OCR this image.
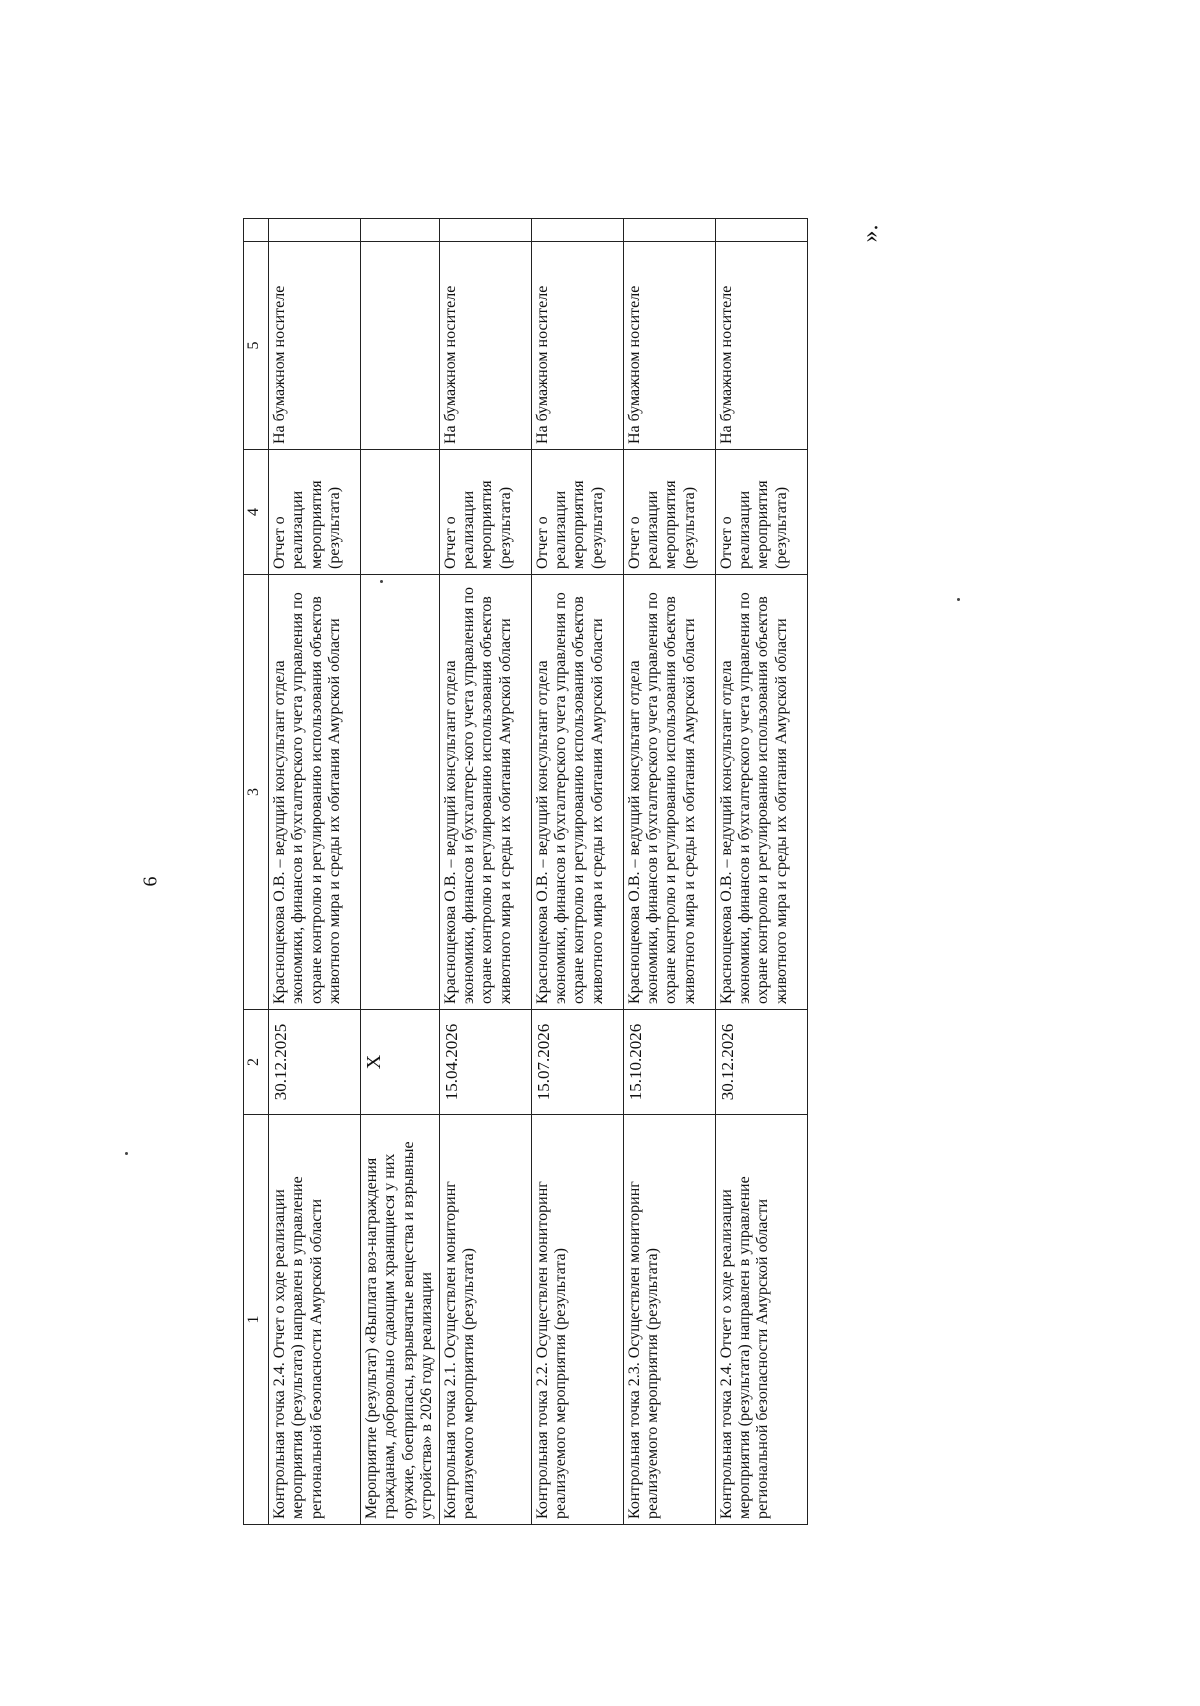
6
».
1	2	3	4	5	
Контрольная точка 2.4. Отчет о ходе реализации мероприятия (результата) направлен в управление региональной безопасности Амурской области	30.12.2025	Краснощекова О.В. – ведущий консультант отдела экономики, финансов и бухгалтерского учета управления по охране контролю и регулированию использования объектов животного мира и среды их обитания Амурской области	Отчет о реализации мероприятия (результата)	На бумажном носителе	
Мероприятие (результат) «Выплата воз-награждения гражданам, добровольно сдающим хранящиеся у них оружие, боеприпасы, взрывчатые вещества и взрывные устройства» в 2026 году реализации	X				
Контрольная точка 2.1. Осуществлен мониторинг реализуемого мероприятия (результата)	15.04.2026	Краснощекова О.В. – ведущий консультант отдела экономики, финансов и бухгалтерс-кого учета управления по охране контролю и регулированию использования объектов животного мира и среды их обитания Амурской области	Отчет о реализации мероприятия (результата)	На бумажном носителе	
Контрольная точка 2.2. Осуществлен мониторинг реализуемого мероприятия (результата)	15.07.2026	Краснощекова О.В. – ведущий консультант отдела экономики, финансов и бухгалтерского учета управления по охране контролю и регулированию использования объектов животного мира и среды их обитания Амурской области	Отчет о реализации мероприятия (результата)	На бумажном носителе	
Контрольная точка 2.3. Осуществлен мониторинг реализуемого мероприятия (результата)	15.10.2026	Краснощекова О.В. – ведущий консультант отдела экономики, финансов и бухгалтерского учета управления по охране контролю и регулированию использования объектов животного мира и среды их обитания Амурской области	Отчет о реализации мероприятия (результата)	На бумажном носителе	
Контрольная точка 2.4. Отчет о ходе реализации мероприятия (результата) направлен в управление региональной безопасности Амурской области	30.12.2026	Краснощекова О.В. – ведущий консультант отдела экономики, финансов и бухгалтерского учета управления по охране контролю и регулированию использования объектов животного мира и среды их обитания Амурской области	Отчет о реализации мероприятия (результата)	На бумажном носителе	
